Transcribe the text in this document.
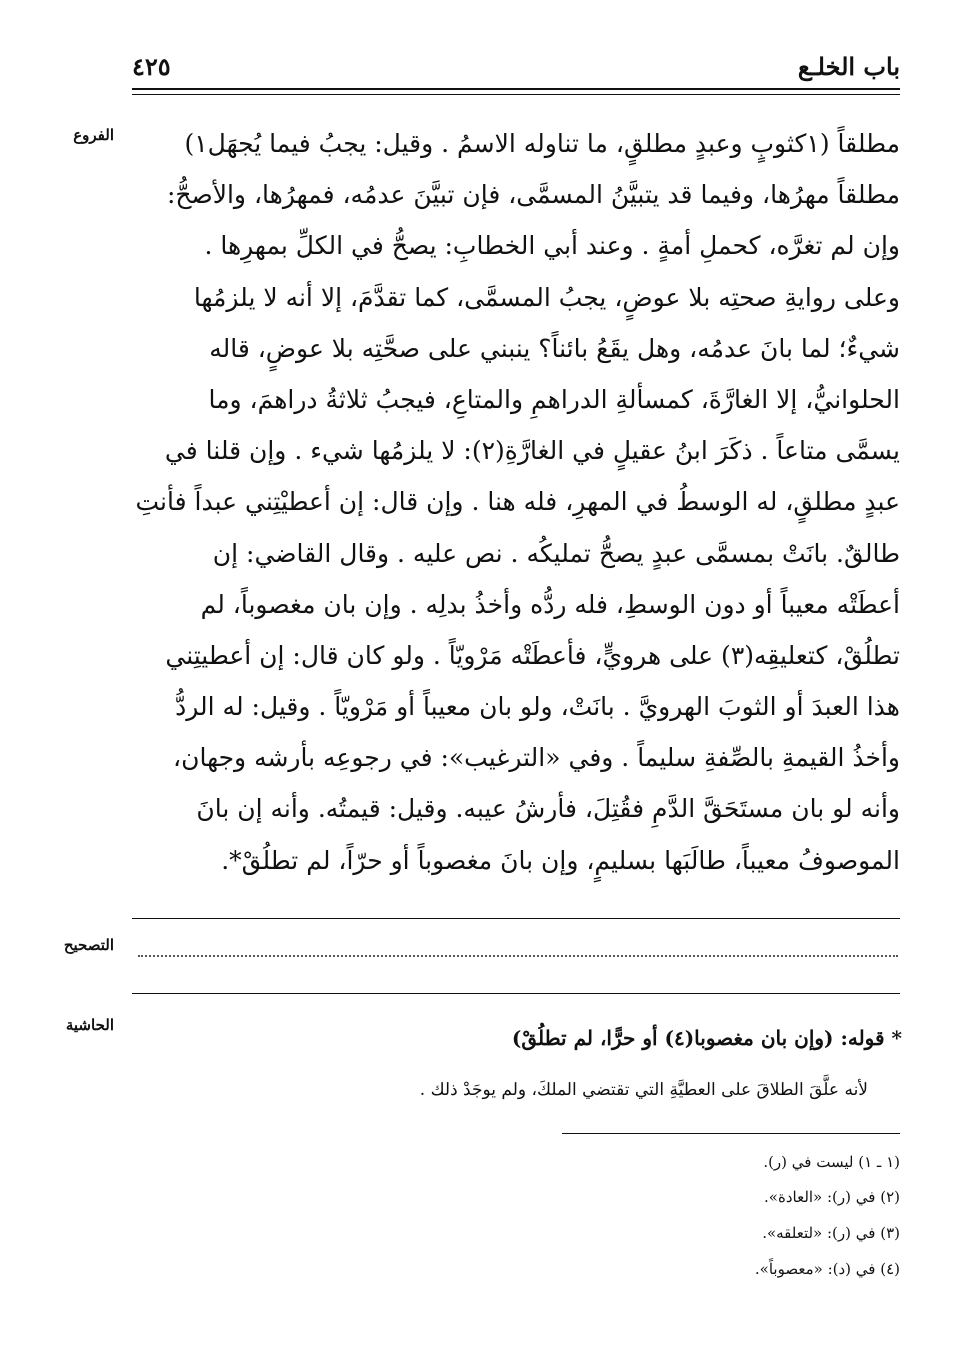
باب الخلـع
٤٢٥
الفروع	مطلقاً (١كثوبٍ وعبدٍ مطلقٍ، ما تناوله الاسمُ . وقيل: يجبُ فيما يُجهَل١)
مطلقاً مهرُها، وفيما قد يتبيَّنُ المسمَّى، فإن تبيَّنَ عدمُه، فمهرُها، والأصحُّ:
وإن لم تغرَّه، كحملِ أمةٍ . وعند أبي الخطابِ: يصحُّ في الكلِّ بمهرِها .
وعلى روايةِ صحتِه بلا عوضٍ، يجبُ المسمَّى، كما تقدَّمَ، إلا أنه لا يلزمُها
شيءٌ؛ لما بانَ عدمُه، وهل يقَعُ بائناً؟ ينبني على صحَّتِه بلا عوضٍ، قاله
الحلوانيُّ، إلا الغارَّةَ، كمسألةِ الدراهمِ والمتاعِ، فيجبُ ثلاثةُ دراهمَ، وما
يسمَّى متاعاً . ذكَرَ ابنُ عقيلٍ في الغارَّةِ(٢): لا يلزمُها شيء . وإن قلنا في
عبدٍ مطلقٍ، له الوسطُ في المهرِ، فله هنا . وإن قال: إن أعطيْتِني عبداً فأنتِ
طالقٌ. بانَتْ بمسمَّى عبدٍ يصحُّ تمليكُه . نص عليه . وقال القاضي: إن
أعطَتْه معيباً أو دون الوسطِ، فله ردُّه وأخذُ بدلِه . وإن بان مغصوباً، لم
تطلُقْ، كتعليقِه(٣) على هرويٍّ، فأعطَتْه مَرْويّاً . ولو كان قال: إن أعطيتِني
هذا العبدَ أو الثوبَ الهرويَّ . بانَتْ، ولو بان معيباً أو مَرْويّاً . وقيل: له الردُّ
وأخذُ القيمةِ بالصِّفةِ سليماً . وفي «الترغيب»: في رجوعِه بأرشه وجهان،
وأنه لو بان مستَحَقَّ الدَّمِ فقُتِلَ، فأرشُ عيبه. وقيل: قيمتُه. وأنه إن بانَ
الموصوفُ معيباً، طالَبَها بسليمٍ، وإن بانَ مغصوباً أو حرّاً، لم تطلُقْ*.
التصحيح
الحاشية
* قوله: (وإن بان مغصوبا(٤) أو حرًّا، لم تطلُقْ)
لأنه علَّقَ الطلاقَ على العطيَّةِ التي تقتضي الملكَ، ولم يوجَدْ ذلك .
(١ ـ ١) ليست في (ر).
(٢) في (ر): «العادة».
(٣) في (ر): «لتعلقه».
(٤) في (د): «معصوباً».
